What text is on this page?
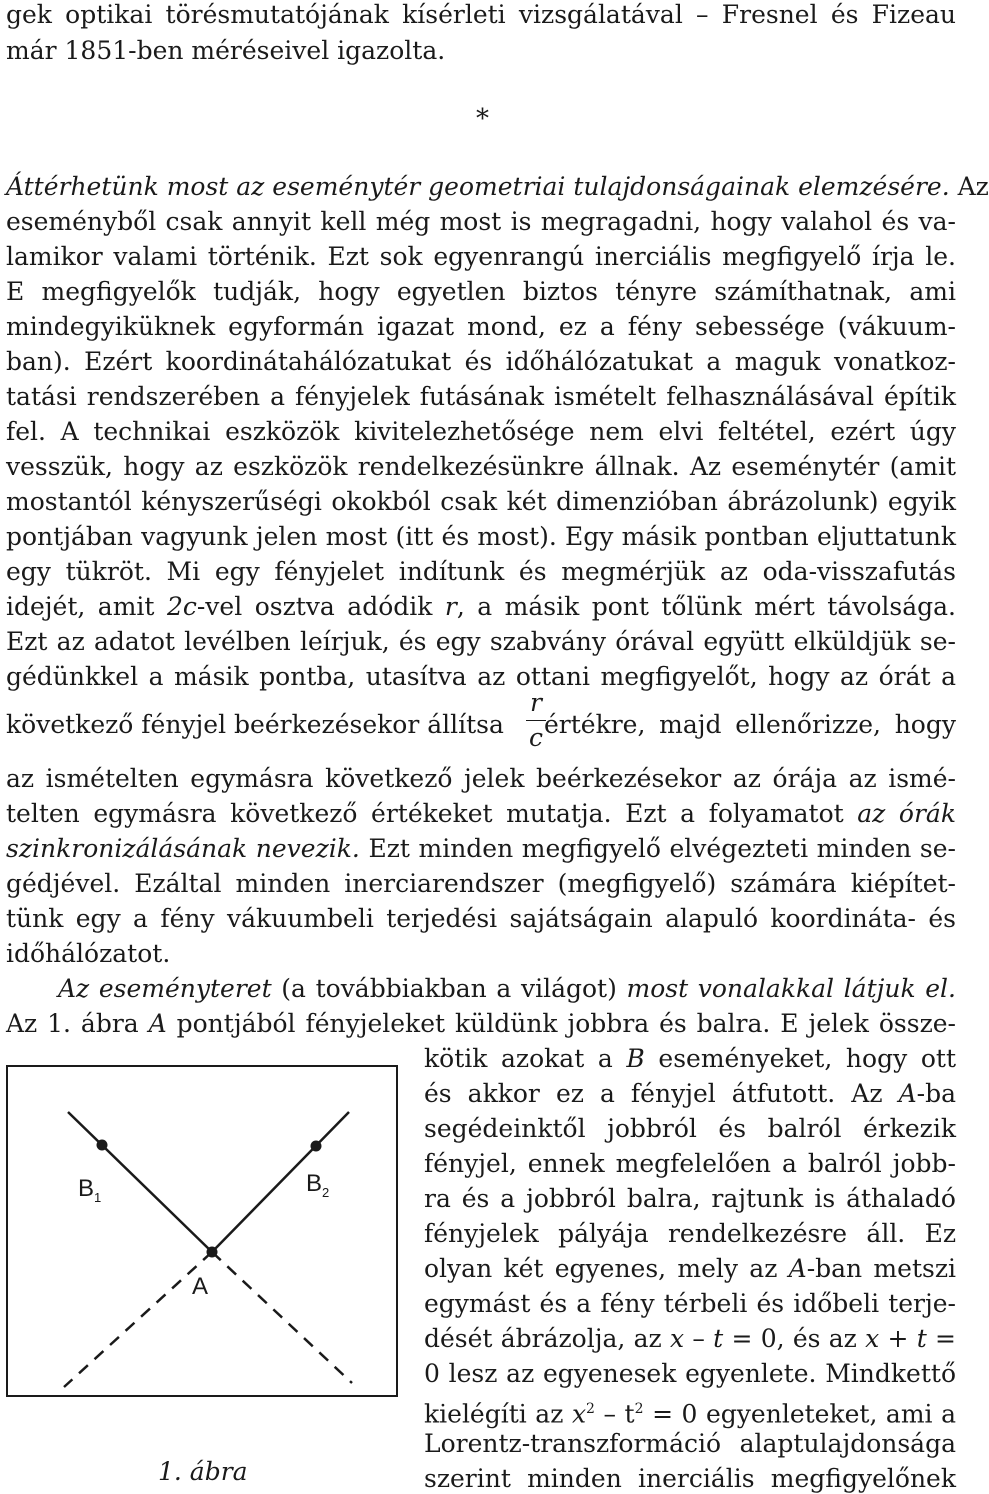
gek optikai törésmutatójának kísérleti vizsgálatával – Fresnel és Fizeau
már 1851-ben méréseivel igazolta.
*
Áttérhetünk most az eseménytér geometriai tulajdonságainak elemzésére. Az
eseményből csak annyit kell még most is megragadni, hogy valahol és va-
lamikor valami történik. Ezt sok egyenrangú inerciális megfigyelő írja le.
E megfigyelők tudják, hogy egyetlen biztos tényre számíthatnak, ami
mindegyiküknek egyformán igazat mond, ez a fény sebessége (vákuum-
ban). Ezért koordinátahálózatukat és időhálózatukat a maguk vonatkoz-
tatási rendszerében a fényjelek futásának ismételt felhasználásával építik
fel. A technikai eszközök kivitelezhetősége nem elvi feltétel, ezért úgy
vesszük, hogy az eszközök rendelkezésünkre állnak. Az eseménytér (amit
mostantól kényszerűségi okokból csak két dimenzióban ábrázolunk) egyik
pontjában vagyunk jelen most (itt és most). Egy másik pontban eljuttatunk
egy tükröt. Mi egy fényjelet indítunk és megmérjük az oda-visszafutás
idejét, amit 2c-vel osztva adódik r, a másik pont tőlünk mért távolsága.
Ezt az adatot levélben leírjuk, és egy szabvány órával együtt elküldjük se-
gédünkkel a másik pontba, utasítva az ottani megfigyelőt, hogy az órát a
következő fényjel beérkezésekor állítsa
r
c értékre, majd ellenőrizze, hogy
az ismételten egymásra következő jelek beérkezésekor az órája az ismé-
telten egymásra következő értékeket mutatja. Ezt a folyamatot az órák
szinkronizálásának nevezik. Ezt minden megfigyelő elvégezteti minden se-
gédjével. Ezáltal minden inerciarendszer (megfigyelő) számára kiépítet-
tünk egy a fény vákuumbeli terjedési sajátságain alapuló koordináta- és
időhálózatot.
Az eseményteret (a továbbiakban a világot) most vonalakkal látjuk el.
Az 1. ábra A pontjából fényjeleket küldünk jobbra és balra. E jelek össze-
kötik azokat a B eseményeket, hogy ott
és akkor ez a fényjel átfutott. Az A-ba
segédeinktől jobbról és balról érkezik
fényjel, ennek megfelelően a balról jobb-
ra és a jobbról balra, rajtunk is áthaladó
fényjelek pályája rendelkezésre áll. Ez
olyan két egyenes, mely az A-ban metszi
egymást és a fény térbeli és időbeli terje-
dését ábrázolja, az x – t = 0, és az x + t =
0 lesz az egyenesek egyenlete. Mindkettő
kielégíti az $x^2 - t^2 = 0$ egyenleteket, ami a
Lorentz-transzformáció alaptulajdonsága
szerint minden inerciális megfigyelőnek
$B_1$
$B_2$
A
1. ábra
